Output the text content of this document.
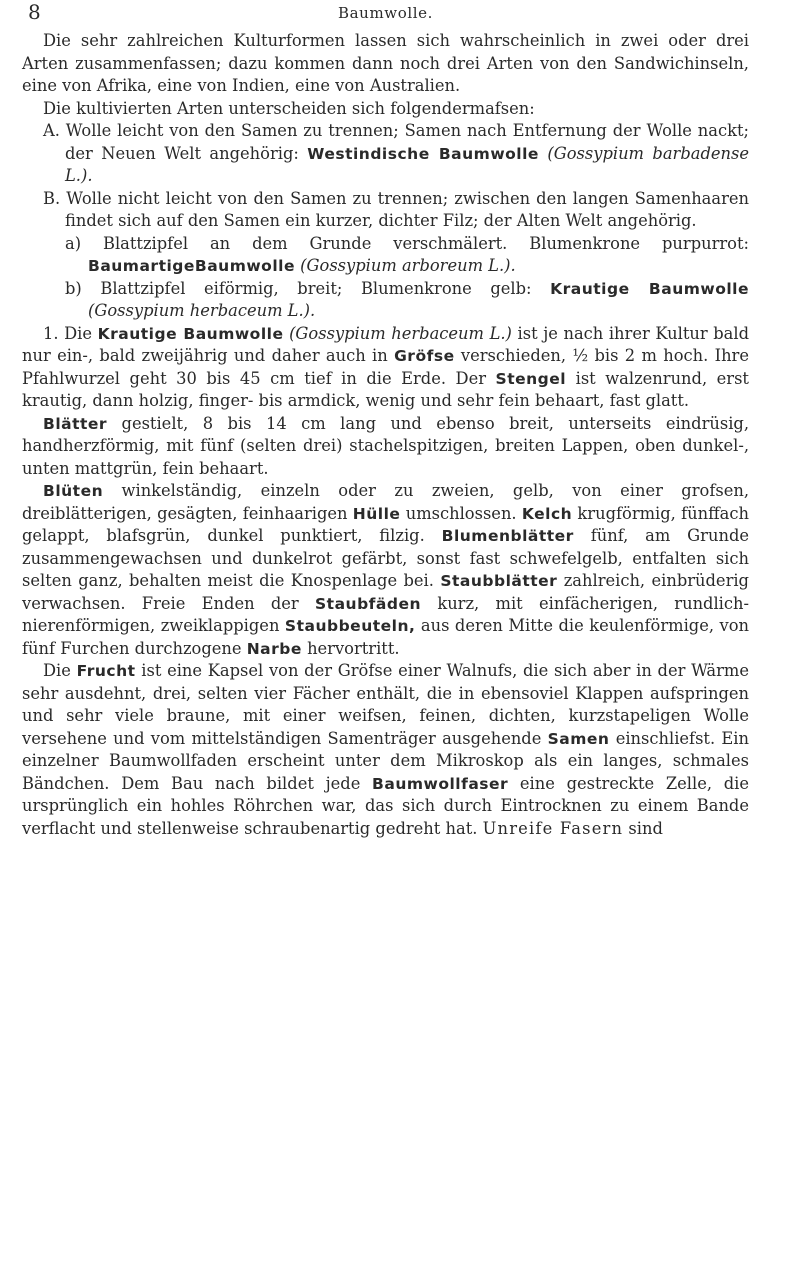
8	Baumwolle.

Die sehr zahlreichen Kulturformen lassen sich wahrscheinlich in zwei oder drei Arten zusammenfassen; dazu kommen dann noch drei Arten von den Sandwichinseln, eine von Afrika, eine von Indien, eine von Australien.

Die kultivierten Arten unterscheiden sich folgendermafsen:

A. Wolle leicht von den Samen zu trennen; Samen nach Entfernung der Wolle nackt; der Neuen Welt angehörig: Westindische Baumwolle (Gossypium barbadense L.).

B. Wolle nicht leicht von den Samen zu trennen; zwischen den langen Samenhaaren findet sich auf den Samen ein kurzer, dichter Filz; der Alten Welt angehörig.

a) Blattzipfel an dem Grunde verschmälert. Blumenkrone purpurrot: BaumartigeBaumwolle (Gossypium arboreum L.).

b) Blattzipfel eiförmig, breit; Blumenkrone gelb: Krautige Baumwolle (Gossypium herbaceum L.).

1. Die Krautige Baumwolle (Gossypium herbaceum L.) ist je nach ihrer Kultur bald nur ein-, bald zweijährig und daher auch in Gröfse verschieden, ½ bis 2 m hoch. Ihre Pfahlwurzel geht 30 bis 45 cm tief in die Erde. Der Stengel ist walzenrund, erst krautig, dann holzig, finger- bis armdick, wenig und sehr fein behaart, fast glatt.

Blätter gestielt, 8 bis 14 cm lang und ebenso breit, unterseits eindrüsig, handherzförmig, mit fünf (selten drei) stachelspitzigen, breiten Lappen, oben dunkel-, unten mattgrün, fein behaart.

Blüten winkelständig, einzeln oder zu zweien, gelb, von einer grofsen, dreiblätterigen, gesägten, feinhaarigen Hülle umschlossen. Kelch krugförmig, fünffach gelappt, blafsgrün, dunkel punktiert, filzig. Blumenblätter fünf, am Grunde zusammengewachsen und dunkelrot gefärbt, sonst fast schwefelgelb, entfalten sich selten ganz, behalten meist die Knospenlage bei. Staubblätter zahlreich, einbrüderig verwachsen. Freie Enden der Staubfäden kurz, mit einfächerigen, rundlich-nierenförmigen, zweiklappigen Staubbeuteln, aus deren Mitte die keulenförmige, von fünf Furchen durchzogene Narbe hervortritt.

Die Frucht ist eine Kapsel von der Gröfse einer Walnufs, die sich aber in der Wärme sehr ausdehnt, drei, selten vier Fächer enthält, die in ebensoviel Klappen aufspringen und sehr viele braune, mit einer weifsen, feinen, dichten, kurzstapeligen Wolle versehene und vom mittelständigen Samenträger ausgehende Samen einschliefst. Ein einzelner Baumwollfaden erscheint unter dem Mikroskop als ein langes, schmales Bändchen. Dem Bau nach bildet jede Baumwollfaser eine gestreckte Zelle, die ursprünglich ein hohles Röhrchen war, das sich durch Eintrocknen zu einem Bande verflacht und stellenweise schraubenartig gedreht hat. Unreife Fasern sind
